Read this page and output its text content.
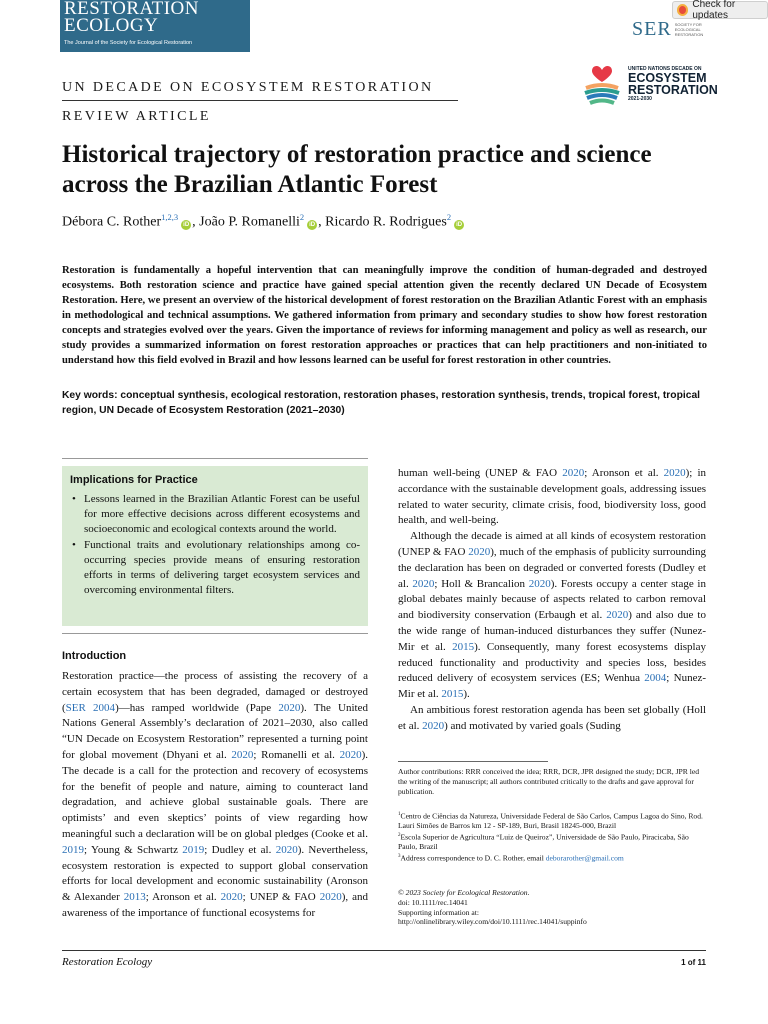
RESTORATION
ECOLOGY
The Journal of the Society for Ecological Restoration
Check for updates
SER SOCIETY FOR ECOLOGICAL RESTORATION
UN DECADE ON ECOSYSTEM RESTORATION
REVIEW ARTICLE
UNITED NATIONS DECADE ON
ECOSYSTEM
RESTORATION
2021-2030
Historical trajectory of restoration practice and science across the Brazilian Atlantic Forest
Débora C. Rother$^{1,2,3}$iD , João P. Romanelli$^2$iD , Ricardo R. Rodrigues$^2$iD

Restoration is fundamentally a hopeful intervention that can meaningfully improve the condition of human-degraded and destroyed ecosystems. Both restoration science and practice have gained special attention given the recently declared UN Decade of Ecosystem Restoration. Here, we present an overview of the historical development of forest restoration on the Brazilian Atlantic Forest with an emphasis in methodological and technical assumptions. We gathered information from primary and secondary studies to show how forest restoration concepts and strategies evolved over the years. Given the importance of reviews for informing management and policy as well as research, our study provides a summarized information on forest restoration approaches or practices that can help practitioners and non-initiated to understand how this field evolved in Brazil and how lessons learned can be useful for forest restoration in other countries.

Key words: conceptual synthesis, ecological restoration, restoration phases, restoration synthesis, trends, tropical forest, tropical region, UN Decade of Ecosystem Restoration (2021–2030)
Implications for Practice
• Lessons learned in the Brazilian Atlantic Forest can be useful for more effective decisions across different ecosystems and socioeconomic and ecological contexts around the world.
• Functional traits and evolutionary relationships among co-occurring species provide means of ensuring restoration efforts in terms of delivering target ecosystem services and overcoming environmental filters.
Introduction

Restoration practice—the process of assisting the recovery of a certain ecosystem that has been degraded, damaged or destroyed (SER 2004)—has ramped worldwide (Pape 2020). The United Nations General Assembly’s declaration of 2021–2030, also called “UN Decade on Ecosystem Restoration” represented a turning point for global movement (Dhyani et al. 2020; Romanelli et al. 2020). The decade is a call for the protection and recovery of ecosystems for the benefit of people and nature, aiming to counteract land degradation, and achieve global sustainable goals. There are optimists’ and even skeptics’ points of view regarding how meaningful such a declaration will be on global pledges (Cooke et al. 2019; Young & Schwartz 2019; Dudley et al. 2020). Nevertheless, ecosystem restoration is expected to support global conservation efforts for local development and economic sustainability (Aronson & Alexander 2013; Aronson et al. 2020; UNEP & FAO 2020), and awareness of the importance of functional ecosystems for

human well-being (UNEP & FAO 2020; Aronson et al. 2020); in accordance with the sustainable development goals, addressing issues related to water security, climate crisis, food, biodiversity loss, good health, and well-being.

Although the decade is aimed at all kinds of ecosystem restoration (UNEP & FAO 2020), much of the emphasis of publicity surrounding the declaration has been on degraded or converted forests (Dudley et al. 2020; Holl & Brancalion 2020). Forests occupy a center stage in global debates mainly because of aspects related to carbon removal and biodiversity conservation (Erbaugh et al. 2020) and also due to the wide range of human-induced disturbances they suffer (Nunez-Mir et al. 2015). Consequently, many forest ecosystems display reduced functionality and productivity and species loss, besides reduced delivery of ecosystem services (ES; Wenhua 2004; Nunez-Mir et al. 2015).

An ambitious forest restoration agenda has been set globally (Holl et al. 2020) and motivated by varied goals (Suding

Author contributions: RRR conceived the idea; RRR, DCR, JPR designed the study; DCR, JPR led the writing of the manuscript; all authors contributed critically to the drafts and gave approval for publication.
$^1$Centro de Ciências da Natureza, Universidade Federal de São Carlos, Campus Lagoa do Sino, Rod. Lauri Simões de Barros km 12 - SP-189, Buri, Brasil 18245-000, Brazil
$^2$Escola Superior de Agricultura “Luiz de Queiroz”, Universidade de São Paulo, Piracicaba, São Paulo, Brazil
$^3$Address correspondence to D. C. Rother, email deborarother@gmail.com
© 2023 Society for Ecological Restoration.
doi: 10.1111/rec.14041
Supporting information at:
http://onlinelibrary.wiley.com/doi/10.1111/rec.14041/suppinfo
Restoration Ecology	1 of 11
